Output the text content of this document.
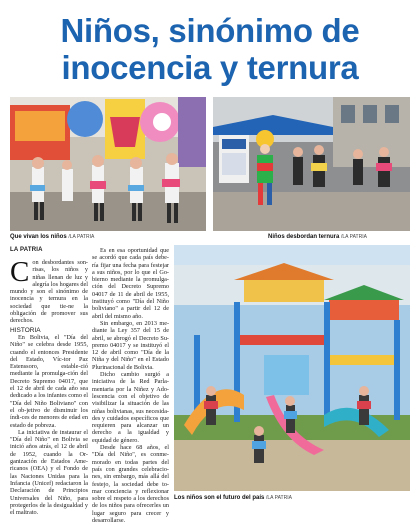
Niños, sinónimo de
inocencia y ternura
Que vivan los niños /LA PATRIA	Niños desbordan ternura /LA PATRIA
LA PATRIA

Con desbordantes son-risas, los niños y niñas llenan de luz y alegría los hogares del mundo y son el sinónimo de inocencia y ternura en la sociedad que tie-ne la obligación de promover sus derechos.

HISTORIA

En Bolivia, el "Día del Niño" se celebra desde 1955, cuando el entonces Presidente del Estado, Víc-tor Paz Estenssoro, estable-ció mediante la promulga-ción del Decreto Supremo 04017, que el 12 de abril de cada año sea dedicado a los infantes como el "Día del Niño Boliviano" con el ob-jetivo de disminuir los índi-ces de menores de edad en estado de pobreza.

La iniciativa de instaurar el "Día del Niño" en Bolivia se inició años atrás, el 12 de abril de 1952, cuando la Or-ganización de Estados Ame-ricanos (OEA) y el Fondo de las Naciones Unidas para la Infancia (Unicef) redactaron la Declaración de Principios Universales del Niño, para protegerlos de la desigualdad y el maltrato.

Es en esa oportunidad que se acordó que cada país debe-ría fijar una fecha para festejar a sus niños, por lo que el Go-bierno mediante la promulga-ción del Decreto Supremo 04017 de 11 de abril de 1955, instituyó como "Día del Niño boliviano" a partir del 12 de abril del mismo año.

Sin embargo, en 2013 me-diante la Ley 357 del 15 de abril, se abrogó el Decreto Su-premo 04017 y se instituyó el 12 de abril como "Día de la Niña y del Niño" en el Estado Plurinacional de Bolivia.

Dicho cambio surgió a iniciativa de la Red Parla-mentaria por la Niñez y Ado-lescencia con el objetivo de visibilizar la situación de las niñas bolivianas, sus necesida-des y cuidados específicos que requieren para alcanzar un derecho a la igualdad y equidad de género.

Desde hace 68 años, el "Día del Niño", es conme-morado en todas partes del país con grandes celebracio-nes, sin embargo, más allá del festejo, la sociedad debe to-mar conciencia y reflexionar sobre el respeto a los derechos de los niños para ofrecerles un lugar seguro para crecer y desarrollarse.

Los niños son el futuro del país /LA PATRIA
